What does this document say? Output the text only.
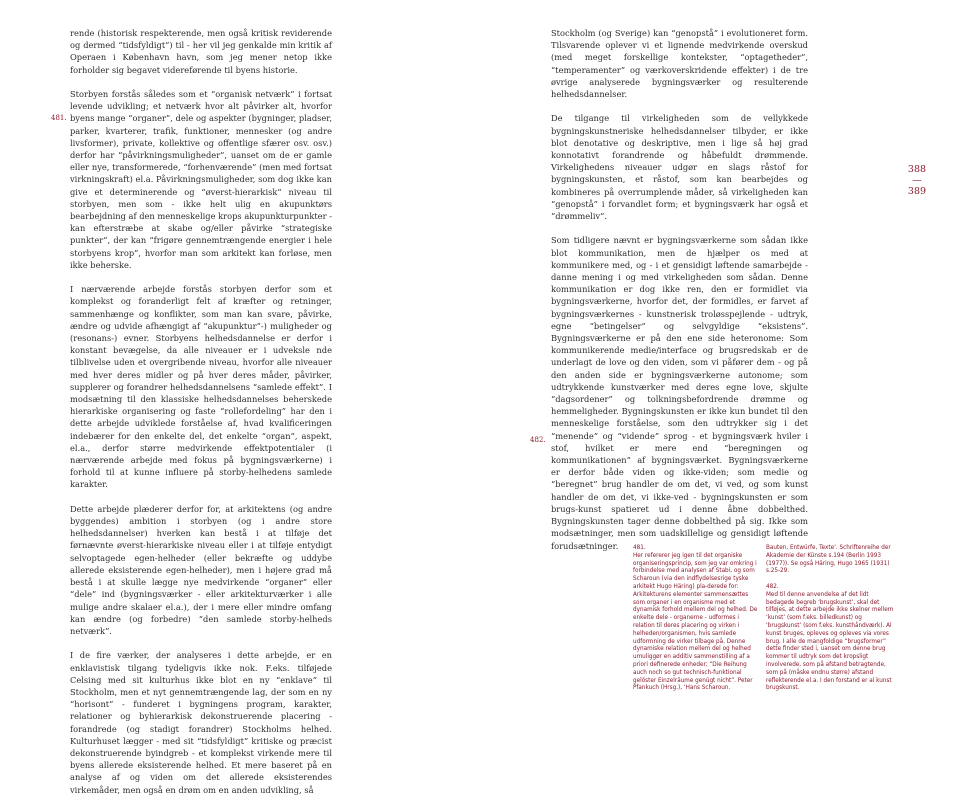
rende (historisk respekterende, men også kritisk reviderende og dermed “tidsfyldigt”) til - her vil jeg genkalde min kritik af Operaen i København havn, som jeg mener netop ikke forholder sig begavet videreførende til byens historie.

Storbyen forstås således som et “organisk netværk” i fortsat levende udvikling; et netværk hvor alt påvirker alt, hvorfor byens mange “organer”, dele og aspekter (bygninger, pladser, parker, kvarterer, trafik, funktioner, mennesker (og andre livsformer), private, kollektive og offentlige sfærer osv. osv.) derfor har “påvirkningsmuligheder”, uanset om de er gamle eller nye, transformerede, “forhenværende” (men med fortsat virkningskraft) el.a. Påvirkningsmuligheder, som dog ikke kan give et determinerende og “øverst-hierarkisk” niveau til storbyen, men som - ikke helt ulig en akupunktørs bearbejdning af den menneskelige krops akupunkturpunkter - kan efterstræbe at skabe og/eller påvirke “strategiske punkter”, der kan “frigøre gennemtrængende energier i hele storbyens krop”, hvorfor man som arkitekt kan forløse, men ikke beherske.

I nærværende arbejde forstås storbyen derfor som et komplekst og foranderligt felt af kræfter og retninger, sammenhænge og konflikter, som man kan svare, påvirke, ændre og udvide afhængigt af “akupunktur”-) muligheder og (resonans-) evner. Storbyens helhedsdannelse er derfor i konstant bevægelse, da alle niveauer er i udveksle nde tilblivelse uden et overgribende niveau, hvorfor alle niveauer med hver deres midler og på hver deres måder, påvirker, supplerer og forandrer helhedsdannelsens “samlede effekt”. I modsætning til den klassiske helhedsdannelses beherskede hierarkiske organisering og faste “rollefordeling” har den i dette arbejde udviklede forståelse af, hvad kvalificeringen indebærer for den enkelte del, det enkelte “organ”, aspekt, el.a., derfor større medvirkende effektpotentialer (i nærværende arbejde med fokus på bygningsværkerne) i forhold til at kunne influere på storby-helhedens samlede karakter.

Dette arbejde plæderer derfor for, at arkitektens (og andre byggendes) ambition i storbyen (og i andre store helhedsdannelser) hverken kan bestå i at tilføje det førnævnte øverst-hierarkiske niveau eller i at tilføje entydigt selvoptagede egen-helheder (eller bekræfte og uddybe allerede eksisterende egen-helheder), men i højere grad må bestå i at skulle lægge nye medvirkende “organer” eller “dele” ind (bygningsværker - eller arkitekturværker i alle mulige andre skalaer el.a.), der i mere eller mindre omfang kan ændre (og forbedre) “den samlede storby-helheds netværk”.

I de fire værker, der analyseres i dette arbejde, er en enklavistisk tilgang tydeligvis ikke nok. F.eks. tilføjede Celsing med sit kulturhus ikke blot en ny “enklave” til Stockholm, men et nyt gennemtrængende lag, der som en ny “horisont” - funderet i bygningens program, karakter, relationer og byhierarkisk dekonstruerende placering - forandrede (og stadigt forandrer) Stockholms helhed. Kulturhuset lægger - med sit “tidsfyldigt” kritiske og præcist dekonstruerende byindgreb - et komplekst virkende mere til byens allerede eksisterende helhed. Et mere baseret på en analyse af og viden om det allerede eksisterendes virkemåder, men også en drøm om en anden udvikling, så

481.

Stockholm (og Sverige) kan “genopstå” i evolutioneret form. Tilsvarende oplever vi et lignende medvirkende overskud (med meget forskellige kontekster, “optagetheder”, “temperamenter” og værkoverskridende effekter) i de tre øvrige analyserede bygningsværker og resulterende helhedsdannelser.

De tilgange til virkeligheden som de vellykkede bygningskunstneriske helhedsdannelser tilbyder, er ikke blot denotative og deskriptive, men i lige så høj grad konnotativt forandrende og håbefuldt drømmende. Virkelighedens niveauer udgør en slags råstof for bygningskunsten, et råstof, som kan bearbejdes og kombineres på overrumplende måder, så virkeligheden kan “genopstå” i forvandlet form; et bygningsværk har også et “drømmeliv”.

Som tidligere nævnt er bygningsværkerne som sådan ikke blot kommunikation, men de hjælper os med at kommunikere med, og - i et gensidigt løftende samarbejde - danne mening i og med virkeligheden som sådan. Denne kommunikation er dog ikke ren, den er formidlet via bygningsværkerne, hvorfor det, der formidles, er farvet af bygningsværkernes - kunstnerisk troløsspejlende - udtryk, egne “betingelser” og selvgyldige “eksistens”. Bygningsværkerne er på den ene side heteronome: Som kommunikerende medie/interface og brugsredskab er de underlagt de love og den viden, som vi påfører dem - og på den anden side er bygningsværkerne autonome; som udtrykkende kunstværker med deres egne love, skjulte “dagsordener” og tolkningsbefordrende drømme og hemmeligheder. Bygningskunsten er ikke kun bundet til den menneskelige forståelse, som den udtrykker sig i det “menende” og “vidende” sprog - et bygningsværk hviler i stof, hvilket er mere end “beregningen og kommunikationen” af bygningsværket. Bygningsværkerne er derfor både viden og ikke-viden; som medie og “beregnet” brug handler de om det, vi ved, og som kunst handler de om det, vi ikke-ved - bygningskunsten er som brugs-kunst spatieret ud i denne åbne dobbelthed. Bygningskunsten tager denne dobbelthed på sig. Ikke som modsætninger, men som uadskillelige og gensidigt løftende forudsætninger.

482.
388
—
389

481.
Her refererer jeg igen til det organiske organiseringsprincip, som jeg var omkring i forbindelse med analysen af Stabi, og som Scharoun (via den indflydelsesrige tyske arkitekt Hugo Häring) pla-derede for: Arkitekturens elementer sammensættes som organer i en organisme med et dynamisk forhold mellem del og helhed. De enkelte dele - organerne - udformes i relation til deres placering og virken i helheden/organismen, hvis samlede udformning de virker tilbage på. Denne dynamiske relation mellem del og helhed umuliggør en additiv sammenstilling af a priori definerede enheder; “Die Reihung auch noch so gut technisch-funktional gelöster Einzelräume genügt nicht”. Peter Pfankuch (Hrsg.), ‘Hans Scharoun.

Bauten, Entwürfe, Texte’. Schriftenreihe der Akademie der Künste s.194 (Berlin 1993 (1977)). Se også Häring, Hugo 1965 (1931) s.25-29.

482.
Med til denne anvendelse af det lidt bedagede begreb ‘brugskunst’, skal det tilføjes, at dette arbejde ikke skelner mellem ‘kunst’ (som f.eks. billedkunst) og ‘brugskunst’ (som f.eks. kunsthåndværk). Al kunst bruges, opleves og opleves via vores brug. I alle de mangfoldige “brugsformer” dette finder sted i, uanset om denne brug kommer til udtryk som det kropsligt involverede, som på afstand betragtende, som på (måske endnu større) afstand reflekterende el.a. I den forstand er al kunst brugskunst.
